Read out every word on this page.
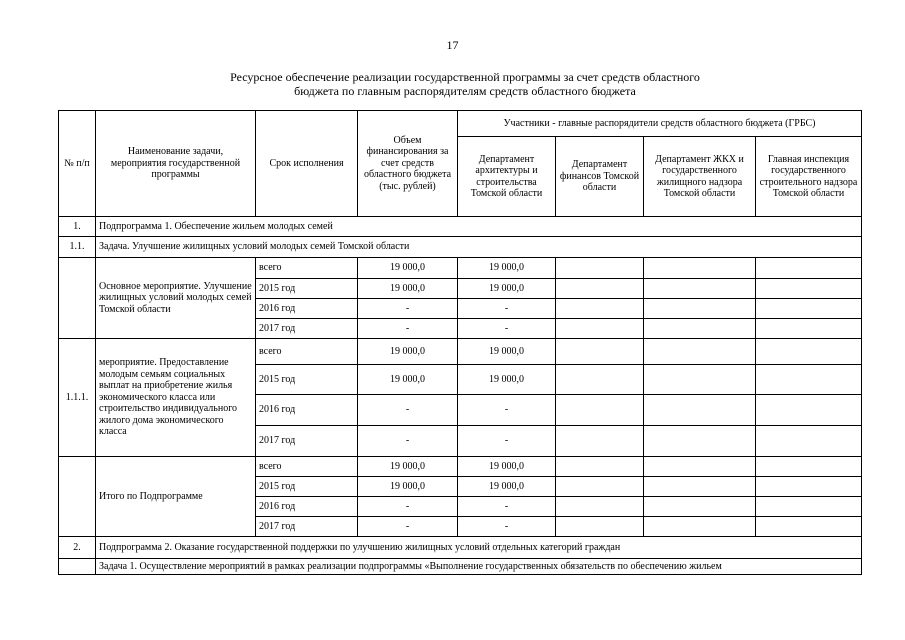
17
Ресурсное обеспечение реализации государственной программы за счет средств областного
бюджета по главным распорядителям средств областного бюджета
№ п/п	Наименование задачи, мероприятия государственной программы	Срок исполнения	Объем финансирования за счет средств областного бюджета (тыс. рублей)	Участники - главные распорядители средств областного бюджета (ГРБС)			
				Департамент архитектуры и строительства Томской области	Департамент финансов Томской области	Департамент ЖКХ и государственного жилищного надзора Томской области	Главная инспекция государственного строительного надзора Томской области
1.	Подпрограмма 1. Обеспечение жильем молодых семей						
1.1.	Задача. Улучшение жилищных условий молодых семей Томской области						
	Основное мероприятие. Улучшение жилищных условий молодых семей Томской области	всего	19 000,0	19 000,0			
		2015 год	19 000,0	19 000,0			
		2016 год	-	-			
		2017 год	-	-			
1.1.1.	мероприятие. Предоставление молодым семьям социальных выплат на приобретение жилья экономического класса или строительство индивидуального жилого дома экономического класса	всего	19 000,0	19 000,0			
		2015 год	19 000,0	19 000,0			
		2016 год	-	-			
		2017 год	-	-			
	Итого по Подпрограмме	всего	19 000,0	19 000,0			
		2015 год	19 000,0	19 000,0			
		2016 год	-	-			
		2017 год	-	-			
2.	Подпрограмма 2. Оказание государственной поддержки по улучшению жилищных условий отдельных категорий граждан						
	Задача 1. Осуществление мероприятий в рамках реализации подпрограммы «Выполнение государственных обязательств по обеспечению жильем						
